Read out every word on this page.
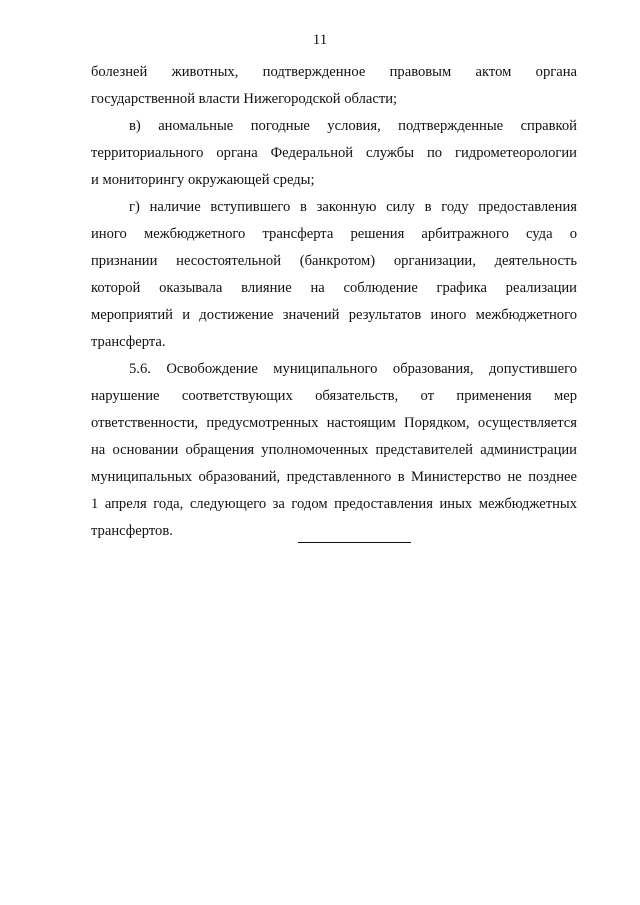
11
болезней животных, подтвержденное правовым актом органа
государственной власти Нижегородской области;
в) аномальные погодные условия, подтвержденные справкой
территориального органа Федеральной службы по гидрометеорологии
и мониторингу окружающей среды;
г) наличие вступившего в законную силу в году предоставления
иного межбюджетного трансферта решения арбитражного суда о
признании несостоятельной (банкротом) организации, деятельность
которой оказывала влияние на соблюдение графика реализации
мероприятий и достижение значений результатов иного межбюджетного
трансферта.
5.6. Освобождение муниципального образования, допустившего
нарушение соответствующих обязательств, от применения мер
ответственности, предусмотренных настоящим Порядком, осуществляется
на основании обращения уполномоченных представителей администрации
муниципальных образований, представленного в Министерство не позднее
1 апреля года, следующего за годом предоставления иных межбюджетных
трансфертов.
